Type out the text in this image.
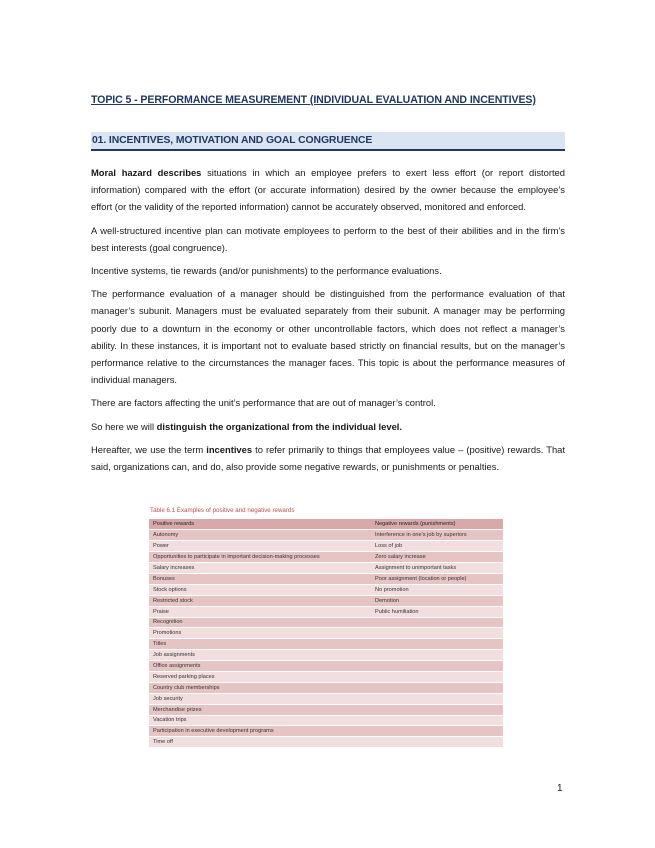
TOPIC 5 - PERFORMANCE MEASUREMENT (INDIVIDUAL EVALUATION AND INCENTIVES)
01. INCENTIVES, MOTIVATION AND GOAL CONGRUENCE

Moral hazard describes situations in which an employee prefers to exert less effort (or report distorted information) compared with the effort (or accurate information) desired by the owner because the employee’s effort (or the validity of the reported information) cannot be accurately observed, monitored and enforced.

A well-structured incentive plan can motivate employees to perform to the best of their abilities and in the firm’s best interests (goal congruence).

Incentive systems, tie rewards (and/or punishments) to the performance evaluations.

The performance evaluation of a manager should be distinguished from the performance evaluation of that manager’s subunit. Managers must be evaluated separately from their subunit. A manager may be performing poorly due to a downturn in the economy or other uncontrollable factors, which does not reflect a manager’s ability. In these instances, it is important not to evaluate based strictly on financial results, but on the manager’s performance relative to the circumstances the manager faces. This topic is about the performance measures of individual managers.

There are factors affecting the unit’s performance that are out of manager’s control.

So here we will distinguish the organizational from the individual level.

Hereafter, we use the term incentives to refer primarily to things that employees value – (positive) rewards. That said, organizations can, and do, also provide some negative rewards, or punishments or penalties.

Table 6.1 Examples of positive and negative rewards
Positive rewards	Negative rewards (punishments)
Autonomy	Interference in one’s job by superiors
Power	Loss of job
Opportunities to participate in important decision-making processes	Zero salary increase
Salary increases	Assignment to unimportant tasks
Bonuses	Poor assignment (location or people)
Stock options	No promotion
Restricted stock	Demotion
Praise	Public humiliation
Recognition	
Promotions	
Titles	
Job assignments	
Office assignments	
Reserved parking places	
Country club memberships	
Job security	
Merchandise prizes	
Vacation trips	
Participation in executive development programs	
Time off	
1
